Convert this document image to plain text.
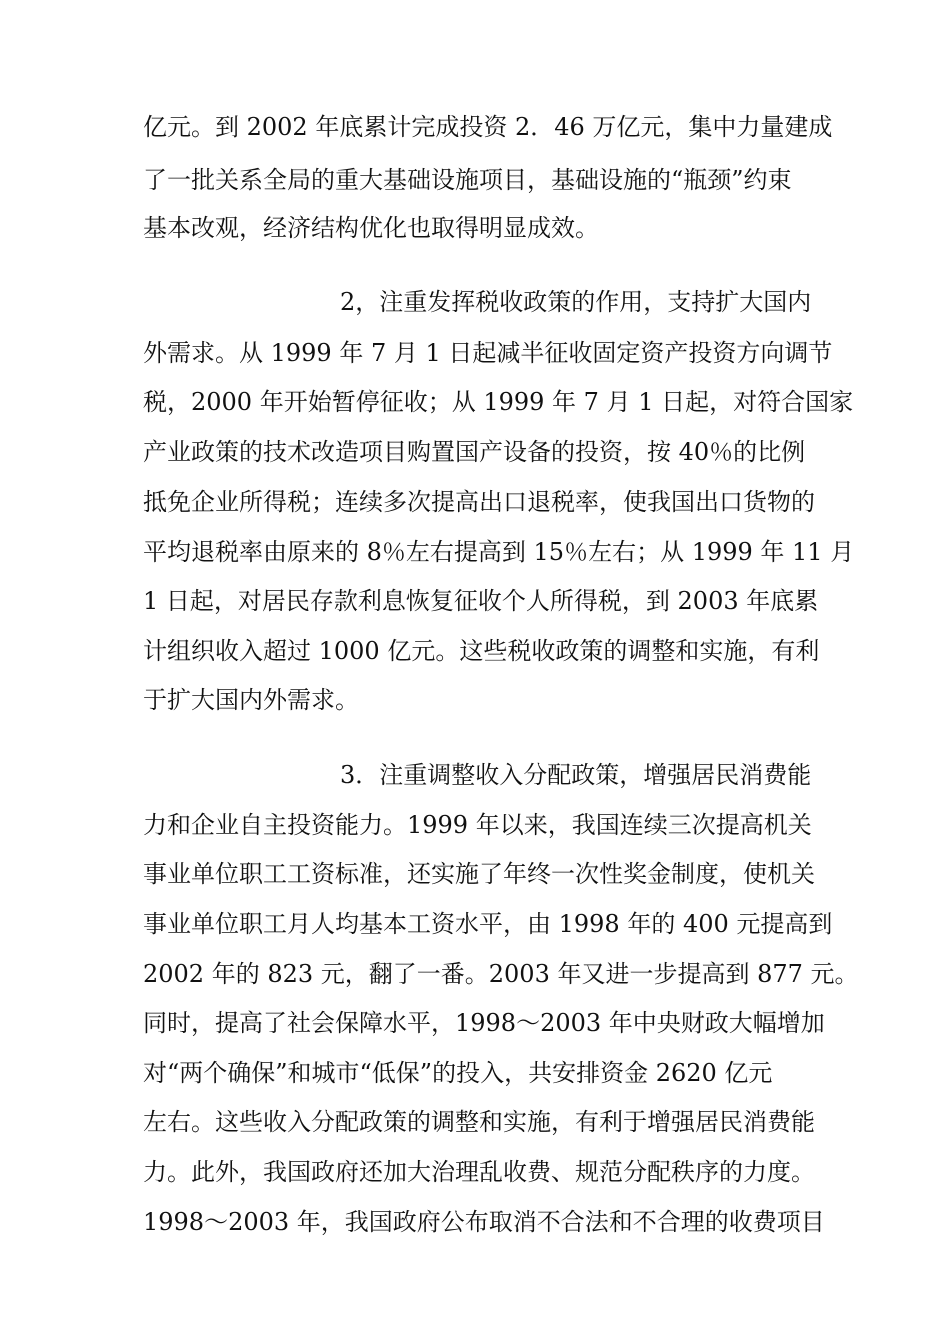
亿元。到 2002 年底累计完成投资 2．46 万亿元，集中力量建成
了一批关系全局的重大基础设施项目，基础设施的“瓶颈”约束
基本改观，经济结构优化也取得明显成效。
2，注重发挥税收政策的作用，支持扩大国内
外需求。从 1999 年 7 月 1 日起减半征收固定资产投资方向调节
税，2000 年开始暂停征收；从 1999 年 7 月 1 日起，对符合国家
产业政策的技术改造项目购置国产设备的投资，按 40％的比例
抵免企业所得税；连续多次提高出口退税率，使我国出口货物的
平均退税率由原来的 8％左右提高到 15％左右；从 1999 年 11 月
1 日起，对居民存款利息恢复征收个人所得税，到 2003 年底累
计组织收入超过 1000 亿元。这些税收政策的调整和实施，有利
于扩大国内外需求。
3．注重调整收入分配政策，增强居民消费能
力和企业自主投资能力。1999 年以来，我国连续三次提高机关
事业单位职工工资标准，还实施了年终一次性奖金制度，使机关
事业单位职工月人均基本工资水平，由 1998 年的 400 元提高到
2002 年的 823 元，翻了一番。2003 年又进一步提高到 877 元。
同时，提高了社会保障水平，1998～2003 年中央财政大幅增加
对“两个确保”和城市“低保”的投入，共安排资金 2620 亿元
左右。这些收入分配政策的调整和实施，有利于增强居民消费能
力。此外，我国政府还加大治理乱收费、规范分配秩序的力度。
1998～2003 年，我国政府公布取消不合法和不合理的收费项目
